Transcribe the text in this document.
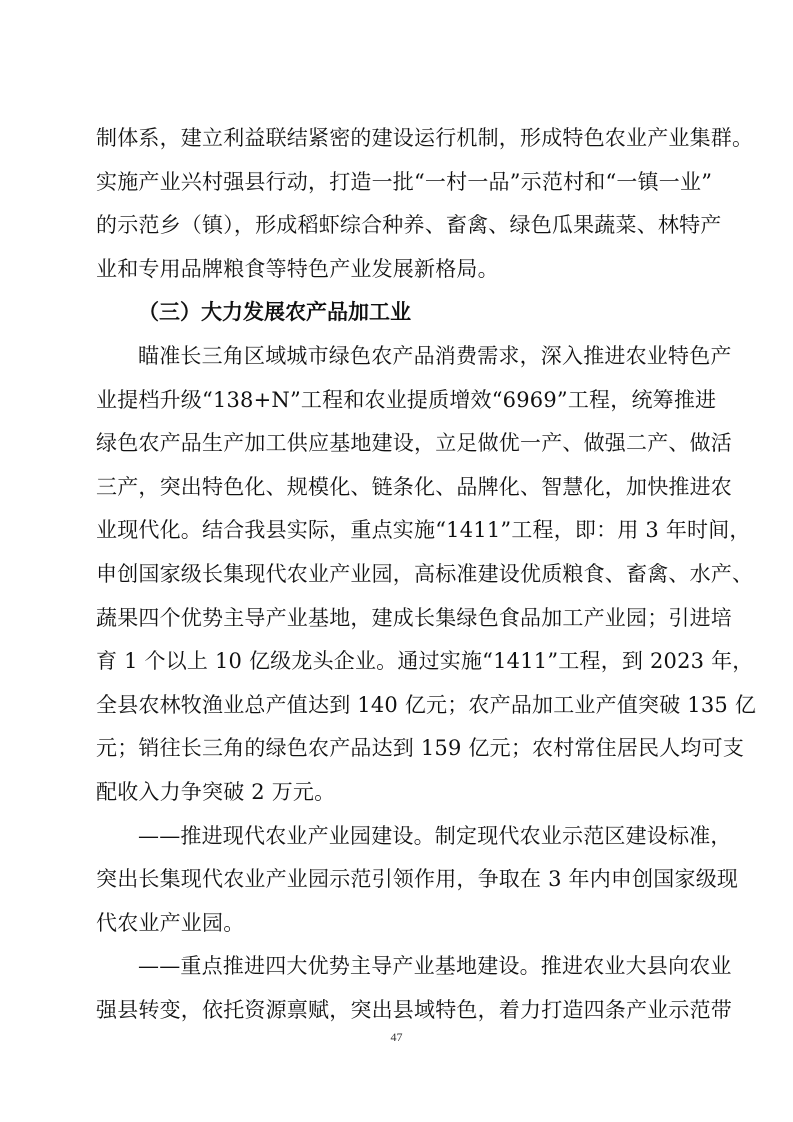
制体系，建立利益联结紧密的建设运行机制，形成特色农业产业集群。
实施产业兴村强县行动，打造一批“一村一品”示范村和“一镇一业”
的示范乡（镇），形成稻虾综合种养、畜禽、绿色瓜果蔬菜、林特产
业和专用品牌粮食等特色产业发展新格局。
（三）大力发展农产品加工业
瞄准长三角区域城市绿色农产品消费需求，深入推进农业特色产
业提档升级“138+N”工程和农业提质增效“6969”工程，统筹推进
绿色农产品生产加工供应基地建设，立足做优一产、做强二产、做活
三产，突出特色化、规模化、链条化、品牌化、智慧化，加快推进农
业现代化。结合我县实际，重点实施“1411”工程，即：用 3 年时间，
申创国家级长集现代农业产业园，高标准建设优质粮食、畜禽、水产、
蔬果四个优势主导产业基地，建成长集绿色食品加工产业园；引进培
育 1 个以上 10 亿级龙头企业。通过实施“1411”工程，到 2023 年，
全县农林牧渔业总产值达到 140 亿元；农产品加工业产值突破 135 亿
元；销往长三角的绿色农产品达到 159 亿元；农村常住居民人均可支
配收入力争突破 2 万元。
——推进现代农业产业园建设。制定现代农业示范区建设标准，
突出长集现代农业产业园示范引领作用，争取在 3 年内申创国家级现
代农业产业园。
——重点推进四大优势主导产业基地建设。推进农业大县向农业
47
强县转变，依托资源禀赋，突出县域特色，着力打造四条产业示范带
